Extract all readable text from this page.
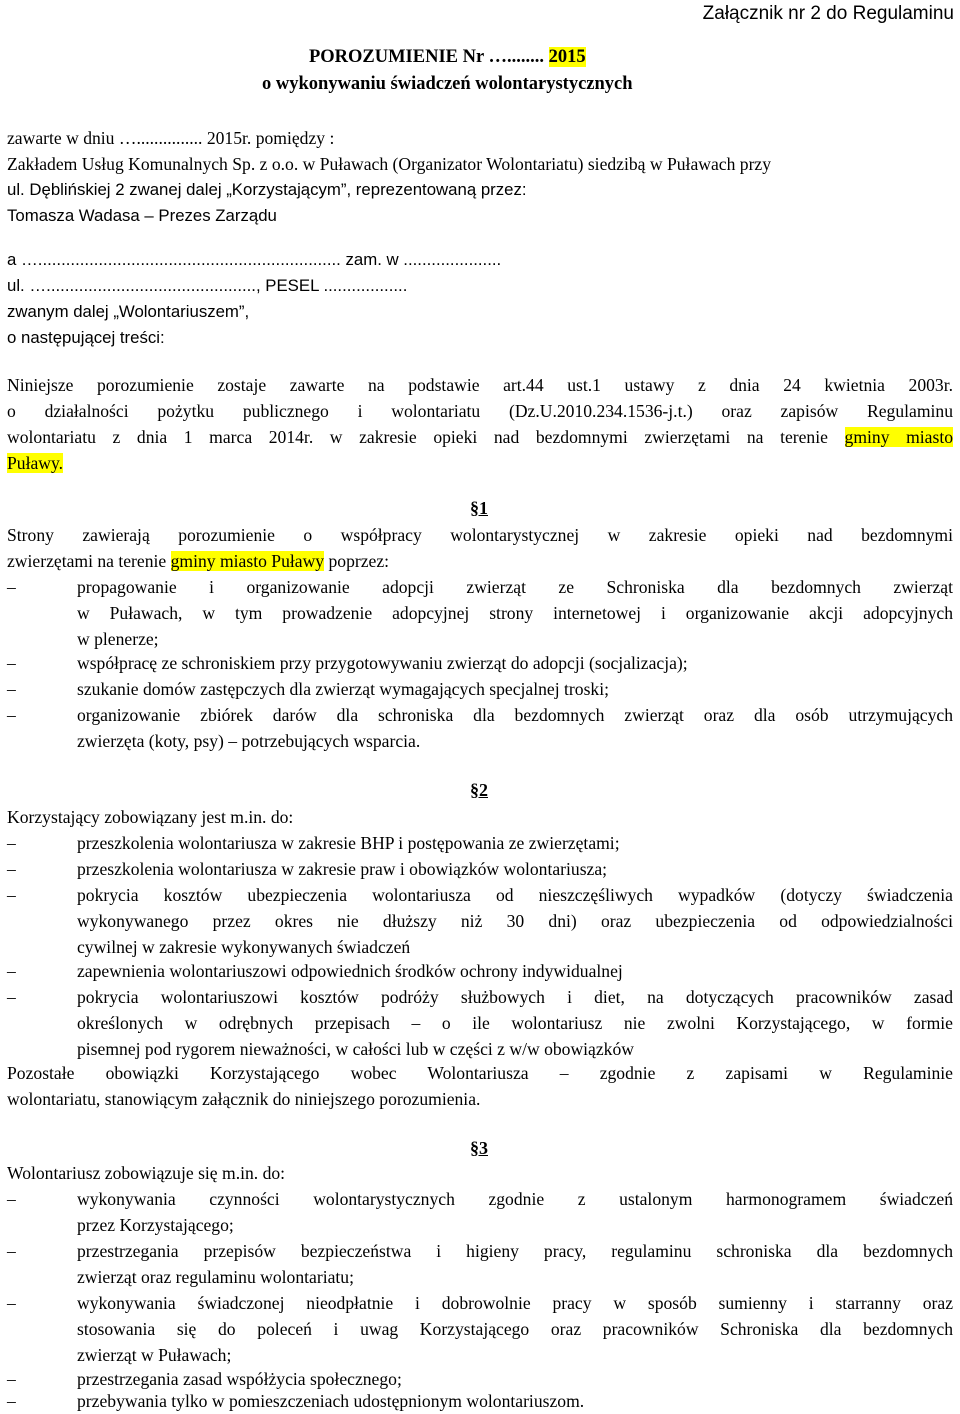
Załącznik nr 2 do Regulaminu
POROZUMIENIE Nr …........ 2015
o wykonywaniu świadczeń wolontarystycznych
zawarte w dniu …............... 2015r. pomiędzy :
Zakładem Usług Komunalnych Sp. z o.o. w Puławach (Organizator Wolontariatu) siedzibą w Puławach przy
ul. Dęblińskiej 2 zwanej dalej „Korzystającym”, reprezentowaną przez:
Tomasza Wadasa – Prezes Zarządu
a …................................................................. zam. w .....................
ul. …............................................., PESEL ..................
zwanym dalej „Wolontariuszem”,
o następującej treści:
Niniejsze porozumienie zostaje zawarte na podstawie art.44 ust.1 ustawy z dnia 24 kwietnia 2003r.
o działalności pożytku publicznego i wolontariatu (Dz.U.2010.234.1536-j.t.) oraz zapisów Regulaminu
wolontariatu z dnia 1 marca 2014r. w zakresie opieki nad bezdomnymi zwierzętami na terenie gminy miasto
Puławy.
§1
Strony zawierają porozumienie o współpracy wolontarystycznej w zakresie opieki nad bezdomnymi
zwierzętami na terenie gminy miasto Puławy poprzez:
–	propagowanie i organizowanie adopcji zwierząt ze Schroniska dla bezdomnych zwierząt
w Puławach, w tym prowadzenie adopcyjnej strony internetowej i organizowanie akcji adopcyjnych
w plenerze;
–	współpracę ze schroniskiem przy przygotowywaniu zwierząt do adopcji (socjalizacja);
–	szukanie domów zastępczych dla zwierząt wymagających specjalnej troski;
–	organizowanie zbiórek darów dla schroniska dla bezdomnych zwierząt oraz dla osób utrzymujących
zwierzęta (koty, psy) – potrzebujących wsparcia.
§2
Korzystający zobowiązany jest m.in. do:
–	przeszkolenia wolontariusza w zakresie BHP i postępowania ze zwierzętami;
–	przeszkolenia wolontariusza w zakresie praw i obowiązków wolontariusza;
–	pokrycia kosztów ubezpieczenia wolontariusza od nieszczęśliwych wypadków (dotyczy świadczenia
wykonywanego przez okres nie dłuższy niż 30 dni) oraz ubezpieczenia od odpowiedzialności
cywilnej w zakresie wykonywanych świadczeń
–	zapewnienia wolontariuszowi odpowiednich środków ochrony indywidualnej
–	pokrycia wolontariuszowi kosztów podróży służbowych i diet, na dotyczących pracowników zasad
określonych w odrębnych przepisach – o ile wolontariusz nie zwolni Korzystającego, w formie
pisemnej pod rygorem nieważności, w całości lub w części z w/w obowiązków
Pozostałe obowiązki Korzystającego wobec Wolontariusza – zgodnie z zapisami w Regulaminie
wolontariatu, stanowiącym załącznik do niniejszego porozumienia.
§3
Wolontariusz zobowiązuje się m.in. do:
–	wykonywania czynności wolontarystycznych zgodnie z ustalonym harmonogramem świadczeń
przez Korzystającego;
–	przestrzegania przepisów bezpieczeństwa i higieny pracy, regulaminu schroniska dla bezdomnych
zwierząt oraz regulaminu wolontariatu;
–	wykonywania świadczonej nieodpłatnie i dobrowolnie pracy w sposób sumienny i starranny oraz
stosowania się do poleceń i uwag Korzystającego oraz pracowników Schroniska dla bezdomnych
zwierząt w Puławach;
–	przestrzegania zasad współżycia społecznego;
–	przebywania tylko w pomieszczeniach udostępnionym wolontariuszom.
